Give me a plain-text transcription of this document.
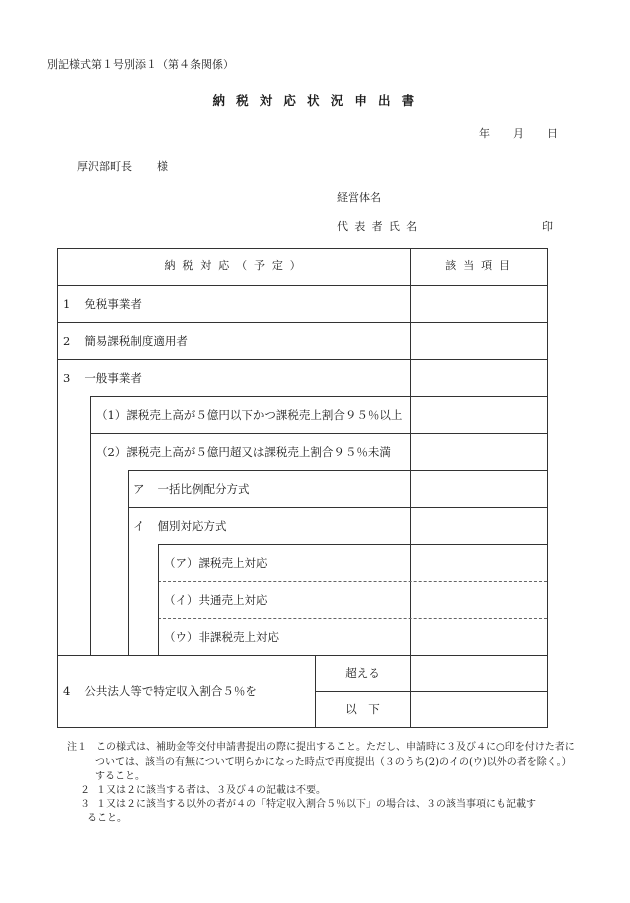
別記様式第１号別添１（第４条関係）
納 税 対 応 状 況 申 出 書
年 月 日
厚沢部町長 様
経営体名
代 表 者 氏 名	印
納 税 対 応 （ 予 定 ）	該 当 項 目
1 免税事業者
2 簡易課税制度適用者
3 一般事業者
（1） 課税売上高が５億円以下かつ課税売上割合９５％以上
（2） 課税売上高が５億円超又は課税売上割合９５％未満
ア 一括比例配分方式
イ 個別対応方式
（ア） 課税売上対応
（イ） 共通売上対応
（ウ） 非課税売上対応
4 公共法人等で特定収入割合５％を
超える
以　下
注１ この様式は、補助金等交付申請書提出の際に提出すること。ただし、申請時に３及び４に○印を付けた者に
ついては、該当の有無について明らかになった時点で再度提出（３のうち(2)のイの(ウ)以外の者を除く。）
すること。
２ １又は２に該当する者は、３及び４の記載は不要。
３ １又は２に該当する以外の者が４の「特定収入割合５％以下」の場合は、３の該当事項にも記載す
ること。
